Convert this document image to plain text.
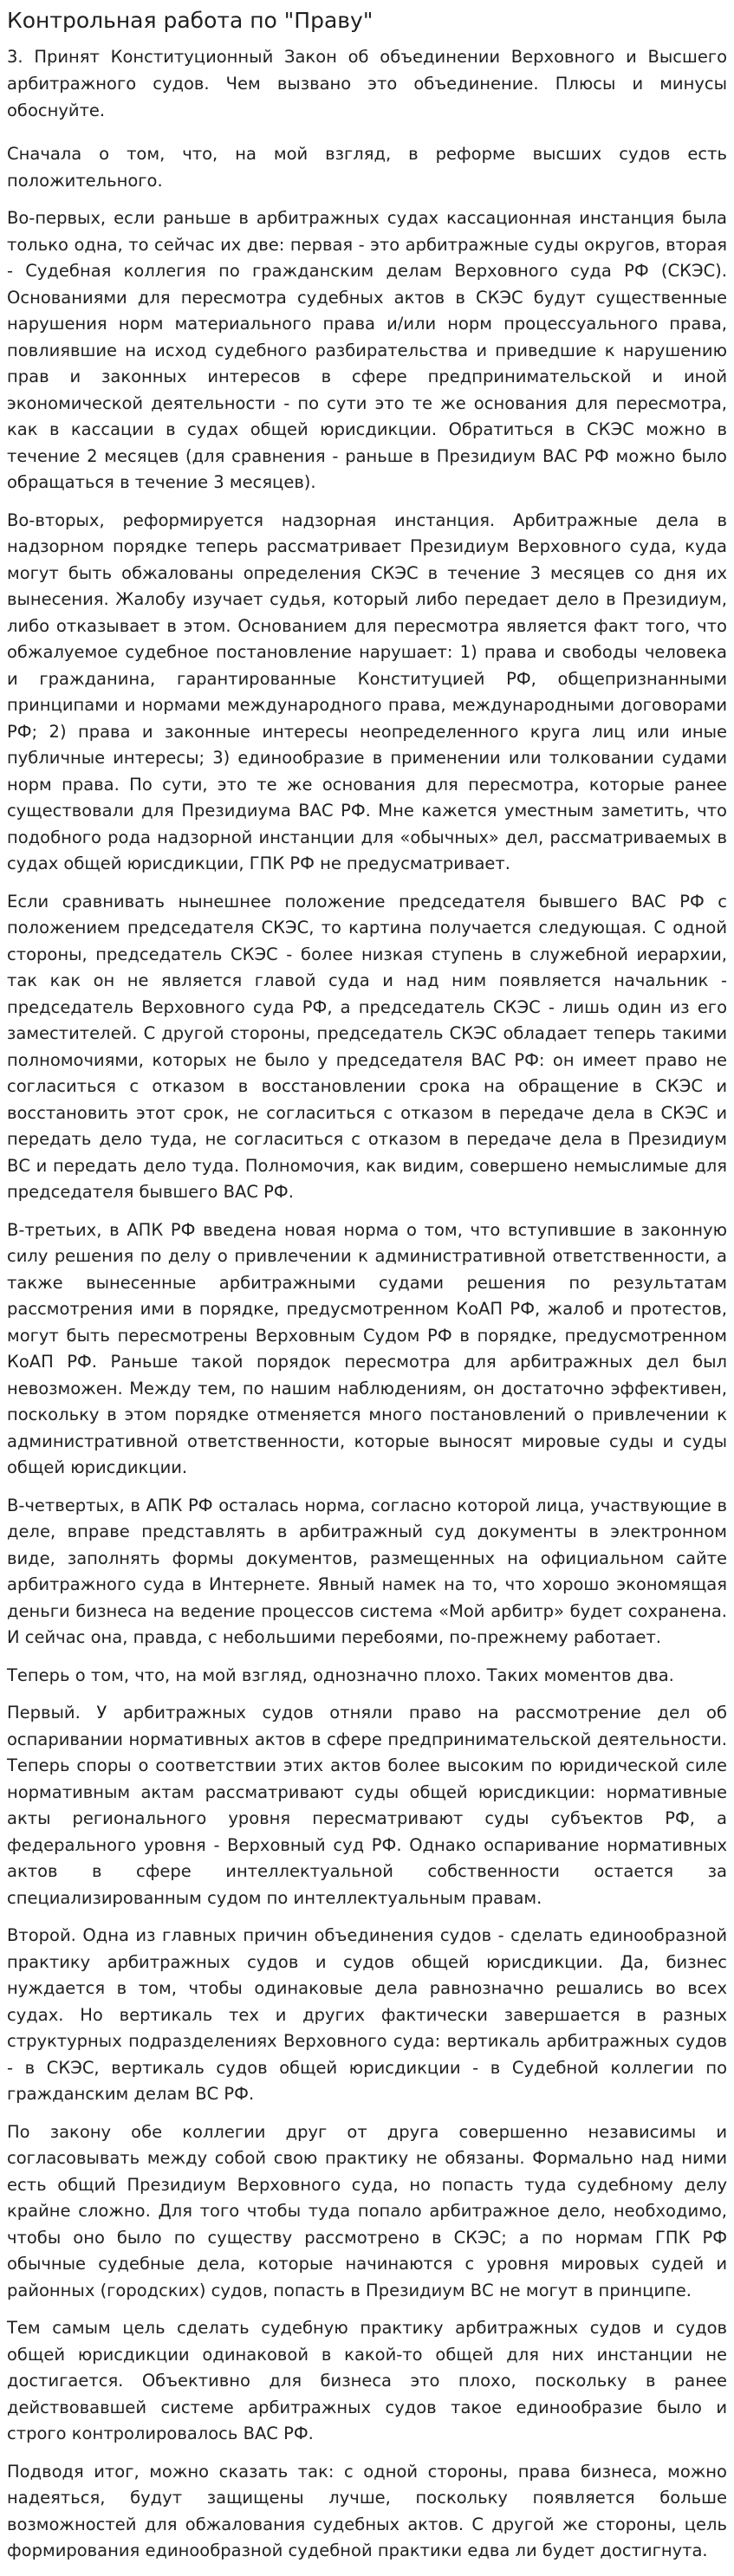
Контрольная работа по "Праву"

3. Принят Конституционный Закон об объединении Верховного и Высшего арбитражного судов. Чем вызвано это объединение. Плюсы и минусы обоснуйте.

Сначала о том, что, на мой взгляд, в реформе высших судов есть положительного.

Во-первых, если раньше в арбитражных судах кассационная инстанция была только одна, то сейчас их две: первая - это арбитражные суды округов, вторая - Судебная коллегия по гражданским делам Верховного суда РФ (СКЭС). Основаниями для пересмотра судебных актов в СКЭС будут существенные нарушения норм материального права и/или норм процессуального права, повлиявшие на исход судебного разбирательства и приведшие к нарушению прав и законных интересов в сфере предпринимательской и иной экономической деятельности - по сути это те же основания для пересмотра, как в кассации в судах общей юрисдикции. Обратиться в СКЭС можно в течение 2 месяцев (для сравнения - раньше в Президиум ВАС РФ можно было обращаться в течение 3 месяцев).

Во-вторых, реформируется надзорная инстанция. Арбитражные дела в надзорном порядке теперь рассматривает Президиум Верховного суда, куда могут быть обжалованы определения СКЭС в течение 3 месяцев со дня их вынесения. Жалобу изучает судья, который либо передает дело в Президиум, либо отказывает в этом. Основанием для пересмотра является факт того, что обжалуемое судебное постановление нарушает: 1) права и свободы человека и гражданина, гарантированные Конституцией РФ, общепризнанными принципами и нормами международного права, международными договорами РФ; 2) права и законные интересы неопределенного круга лиц или иные публичные интересы; 3) единообразие в применении или толковании судами норм права. По сути, это те же основания для пересмотра, которые ранее существовали для Президиума ВАС РФ. Мне кажется уместным заметить, что подобного рода надзорной инстанции для «обычных» дел, рассматриваемых в судах общей юрисдикции, ГПК РФ не предусматривает.

Если сравнивать нынешнее положение председателя бывшего ВАС РФ с положением председателя СКЭС, то картина получается следующая. С одной стороны, председатель СКЭС - более низкая ступень в служебной иерархии, так как он не является главой суда и над ним появляется начальник - председатель Верховного суда РФ, а председатель СКЭС - лишь один из его заместителей. С другой стороны, председатель СКЭС обладает теперь такими полномочиями, которых не было у председателя ВАС РФ: он имеет право не согласиться с отказом в восстановлении срока на обращение в СКЭС и восстановить этот срок, не согласиться с отказом в передаче дела в СКЭС и передать дело туда, не согласиться с отказом в передаче дела в Президиум ВС и передать дело туда. Полномочия, как видим, совершено немыслимые для председателя бывшего ВАС РФ.

В-третьих, в АПК РФ введена новая норма о том, что вступившие в законную силу решения по делу о привлечении к административной ответственности, а также вынесенные арбитражными судами решения по результатам рассмотрения ими в порядке, предусмотренном КоАП РФ, жалоб и протестов, могут быть пересмотрены Верховным Судом РФ в порядке, предусмотренном КоАП РФ. Раньше такой порядок пересмотра для арбитражных дел был невозможен. Между тем, по нашим наблюдениям, он достаточно эффективен, поскольку в этом порядке отменяется много постановлений о привлечении к административной ответственности, которые выносят мировые суды и суды общей юрисдикции.

В-четвертых, в АПК РФ осталась норма, согласно которой лица, участвующие в деле, вправе представлять в арбитражный суд документы в электронном виде, заполнять формы документов, размещенных на официальном сайте арбитражного суда в Интернете. Явный намек на то, что хорошо экономящая деньги бизнеса на ведение процессов система «Мой арбитр» будет сохранена. И сейчас она, правда, с небольшими перебоями, по-прежнему работает.

Теперь о том, что, на мой взгляд, однозначно плохо. Таких моментов два.

Первый. У арбитражных судов отняли право на рассмотрение дел об оспаривании нормативных актов в сфере предпринимательской деятельности. Теперь споры о соответствии этих актов более высоким по юридической силе нормативным актам рассматривают суды общей юрисдикции: нормативные акты регионального уровня пересматривают суды субъектов РФ, а федерального уровня - Верховный суд РФ. Однако оспаривание нормативных актов в сфере интеллектуальной собственности остается за специализированным судом по интеллектуальным правам.

Второй. Одна из главных причин объединения судов - сделать единообразной практику арбитражных судов и судов общей юрисдикции. Да, бизнес нуждается в том, чтобы одинаковые дела равнозначно решались во всех судах. Но вертикаль тех и других фактически завершается в разных структурных подразделениях Верховного суда: вертикаль арбитражных судов - в СКЭС, вертикаль судов общей юрисдикции - в Судебной коллегии по гражданским делам ВС РФ.

По закону обе коллегии друг от друга совершенно независимы и согласовывать между собой свою практику не обязаны. Формально над ними есть общий Президиум Верховного суда, но попасть туда судебному делу крайне сложно. Для того чтобы туда попало арбитражное дело, необходимо, чтобы оно было по существу рассмотрено в СКЭС; а по нормам ГПК РФ обычные судебные дела, которые начинаются с уровня мировых судей и районных (городских) судов, попасть в Президиум ВС не могут в принципе.

Тем самым цель сделать судебную практику арбитражных судов и судов общей юрисдикции одинаковой в какой-то общей для них инстанции не достигается. Объективно для бизнеса это плохо, поскольку в ранее действовавшей системе арбитражных судов такое единообразие было и строго контролировалось ВАС РФ.

Подводя итог, можно сказать так: с одной стороны, права бизнеса, можно надеяться, будут защищены лучше, поскольку появляется больше возможностей для обжалования судебных актов. С другой же стороны, цель формирования единообразной судебной практики едва ли будет достигнута.
